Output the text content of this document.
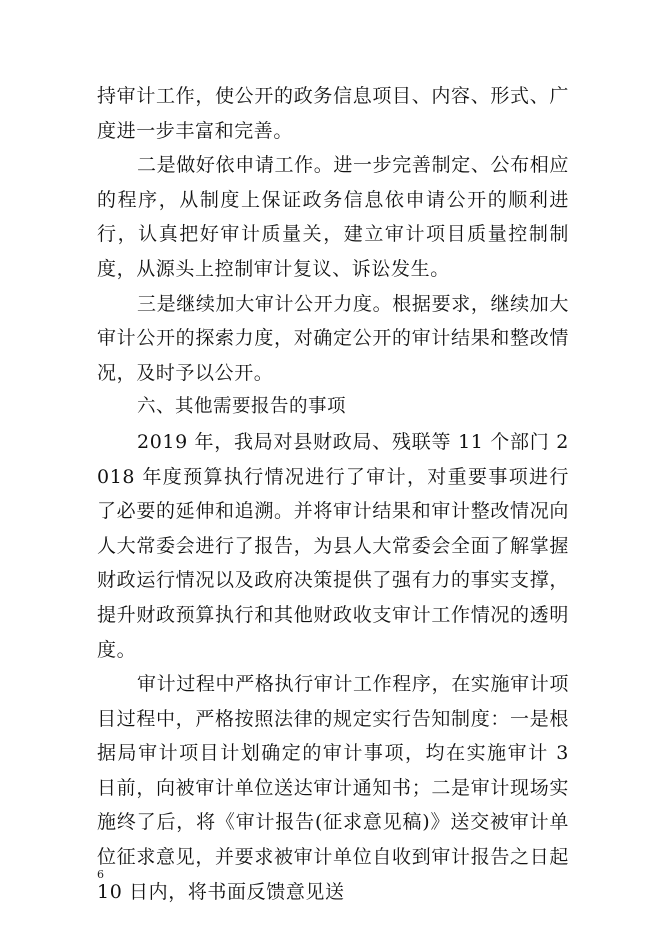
持审计工作，使公开的政务信息项目、内容、形式、广度进一步丰富和完善。

二是做好依申请工作。进一步完善制定、公布相应的程序，从制度上保证政务信息依申请公开的顺利进行，认真把好审计质量关，建立审计项目质量控制制度，从源头上控制审计复议、诉讼发生。

三是继续加大审计公开力度。根据要求，继续加大审计公开的探索力度，对确定公开的审计结果和整改情况，及时予以公开。

六、其他需要报告的事项

2019 年，我局对县财政局、残联等 11 个部门 2018 年度预算执行情况进行了审计，对重要事项进行了必要的延伸和追溯。并将审计结果和审计整改情况向人大常委会进行了报告，为县人大常委会全面了解掌握财政运行情况以及政府决策提供了强有力的事实支撑，提升财政预算执行和其他财政收支审计工作情况的透明度。

审计过程中严格执行审计工作程序，在实施审计项目过程中，严格按照法律的规定实行告知制度：一是根据局审计项目计划确定的审计事项，均在实施审计 3 日前，向被审计单位送达审计通知书；二是审计现场实施终了后，将《审计报告(征求意见稿)》送交被审计单位征求意见，并要求被审计单位自收到审计报告之日起 10 日内，将书面反馈意见送

6
